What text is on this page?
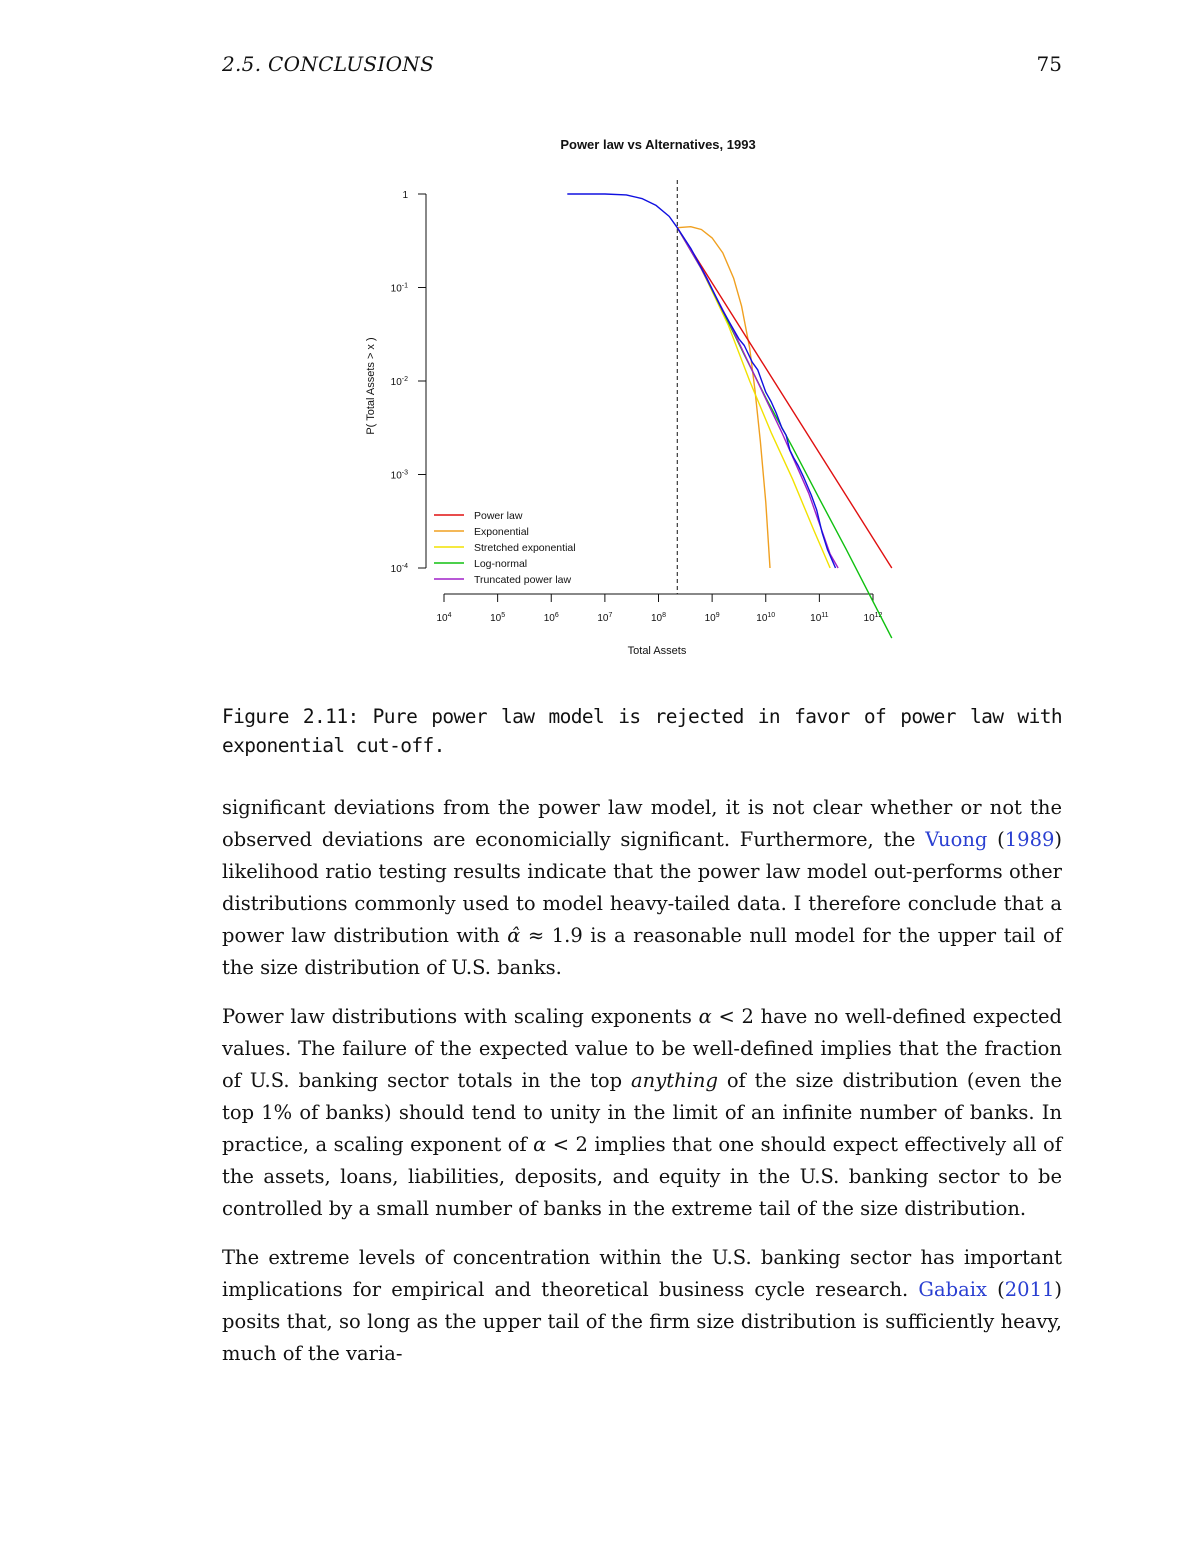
2.5. CONCLUSIONS	75
Power law vs Alternatives, 1993
P( Total Assets > x )
Total Assets
1
$10^{-1}$
$10^{-2}$
$10^{-3}$
$10^{-4}$
$10^4$	$10^5$	$10^6$	$10^7$	$10^8$	$10^9$	$10^{10}$	$10^{11}$	$10^{12}$
Power law
Exponential
Stretched exponential
Log-normal
Truncated power law
Figure 2.11: Pure power law model is rejected in favor of power law with exponential cut-off.

significant deviations from the power law model, it is not clear whether or not the observed deviations are economicially significant. Furthermore, the Vuong (1989) likelihood ratio testing results indicate that the power law model out-performs other distributions commonly used to model heavy-tailed data. I therefore conclude that a power law distribution with α̂ ≈ 1.9 is a reasonable null model for the upper tail of the size distribution of U.S. banks.

Power law distributions with scaling exponents α < 2 have no well-defined expected values. The failure of the expected value to be well-defined implies that the fraction of U.S. banking sector totals in the top anything of the size distribution (even the top 1% of banks) should tend to unity in the limit of an infinite number of banks. In practice, a scaling exponent of α < 2 implies that one should expect effectively all of the assets, loans, liabilities, deposits, and equity in the U.S. banking sector to be controlled by a small number of banks in the extreme tail of the size distribution.

The extreme levels of concentration within the U.S. banking sector has important implications for empirical and theoretical business cycle research. Gabaix (2011) posits that, so long as the upper tail of the firm size distribution is sufficiently heavy, much of the varia-
